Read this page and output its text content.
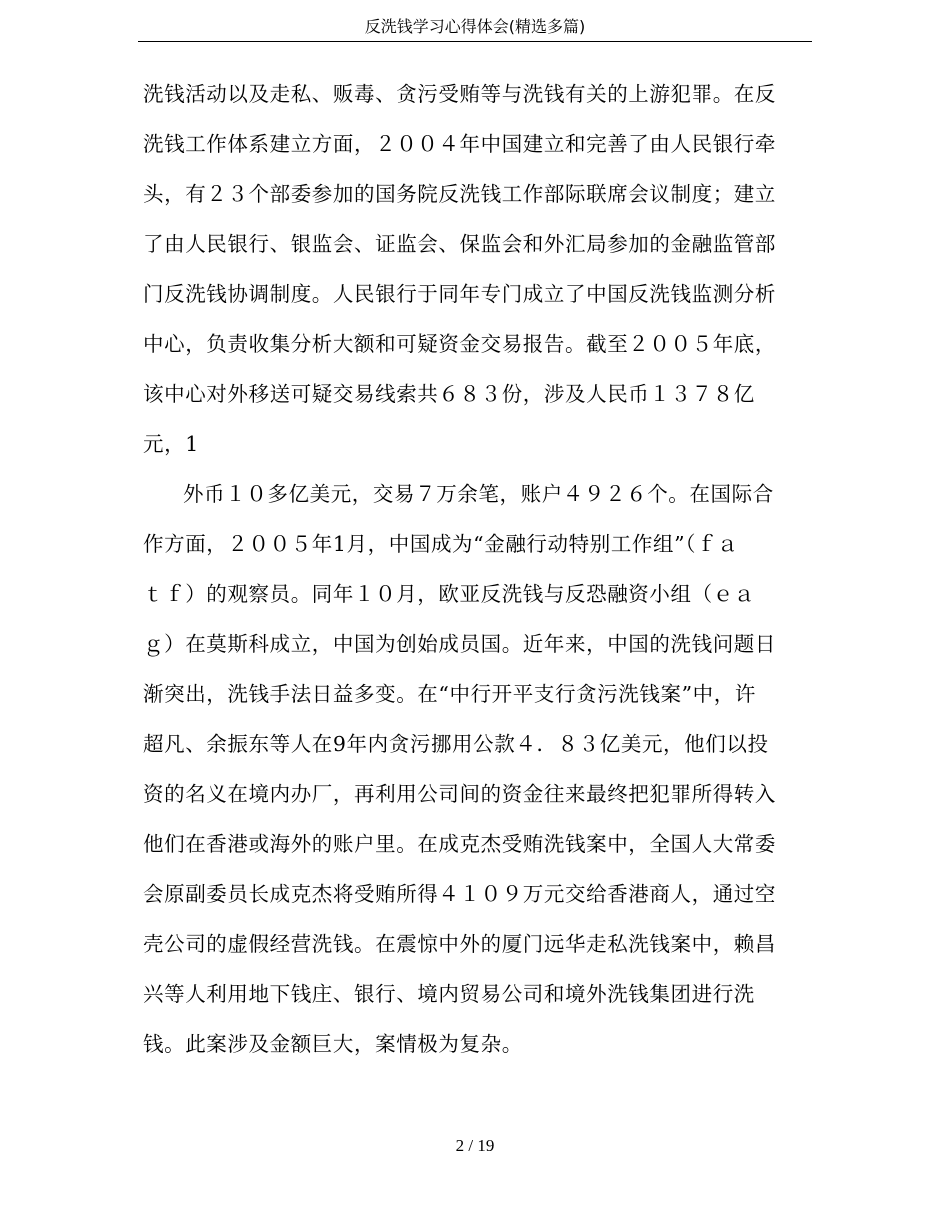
反洗钱学习心得体会(精选多篇)
洗钱活动以及走私、贩毒、贪污受贿等与洗钱有关的上游犯罪。在反
洗钱工作体系建立方面，２００４年中国建立和完善了由人民银行牵
头，有２３个部委参加的国务院反洗钱工作部际联席会议制度；建立
了由人民银行、银监会、证监会、保监会和外汇局参加的金融监管部
门反洗钱协调制度。人民银行于同年专门成立了中国反洗钱监测分析
中心，负责收集分析大额和可疑资金交易报告。截至２００５年底，
该中心对外移送可疑交易线索共６８３份，涉及人民币１３７８亿
元，1
外币１０多亿美元，交易７万余笔，账户４９２６个。在国际合
作方面，２００５年1月，中国成为“金融行动特别工作组”（ｆａ
ｔｆ）的观察员。同年１０月，欧亚反洗钱与反恐融资小组（ｅａ
ｇ）在莫斯科成立，中国为创始成员国。近年来，中国的洗钱问题日
渐突出，洗钱手法日益多变。在“中行开平支行贪污洗钱案”中，许
超凡、余振东等人在9年内贪污挪用公款４．８３亿美元，他们以投
资的名义在境内办厂，再利用公司间的资金往来最终把犯罪所得转入
他们在香港或海外的账户里。在成克杰受贿洗钱案中，全国人大常委
会原副委员长成克杰将受贿所得４１０９万元交给香港商人，通过空
壳公司的虚假经营洗钱。在震惊中外的厦门远华走私洗钱案中，赖昌
兴等人利用地下钱庄、银行、境内贸易公司和境外洗钱集团进行洗
钱。此案涉及金额巨大，案情极为复杂。
2 / 19
